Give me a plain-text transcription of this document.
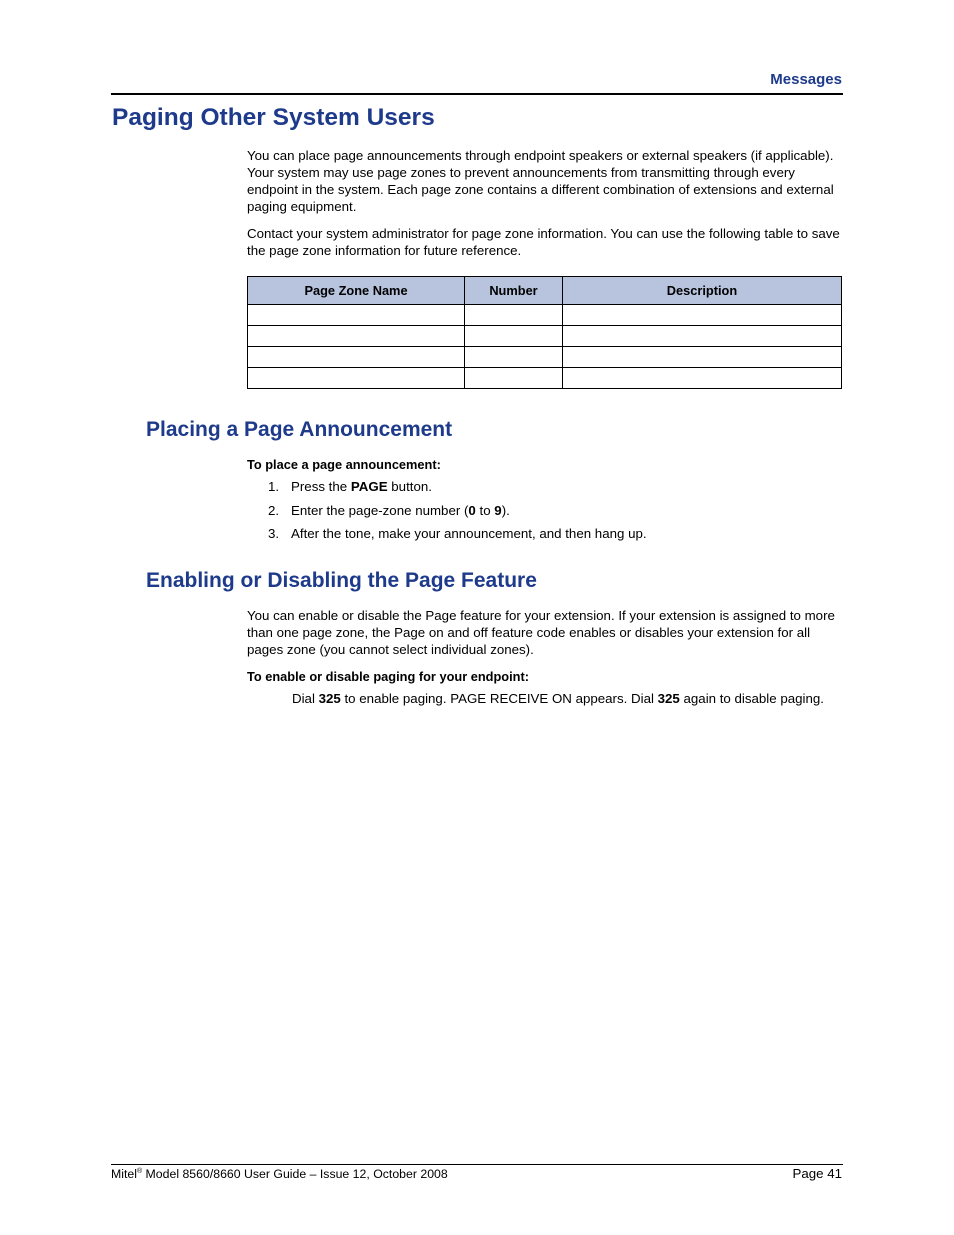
Messages
Paging Other System Users

You can place page announcements through endpoint speakers or external speakers (if applicable). Your system may use page zones to prevent announcements from transmitting through every endpoint in the system. Each page zone contains a different combination of extensions and external paging equipment.

Contact your system administrator for page zone information. You can use the following table to save the page zone information for future reference.

Page Zone Name	Number	Description

Placing a Page Announcement

To place a page announcement:

1. Press the PAGE button.
2. Enter the page-zone number (0 to 9).
3. After the tone, make your announcement, and then hang up.
Enabling or Disabling the Page Feature

You can enable or disable the Page feature for your extension. If your extension is assigned to more than one page zone, the Page on and off feature code enables or disables your extension for all pages zone (you cannot select individual zones).

To enable or disable paging for your endpoint:

Dial 325 to enable paging. PAGE RECEIVE ON appears. Dial 325 again to disable paging.

Mitel® Model 8560/8660 User Guide – Issue 12, October 2008	Page 41
